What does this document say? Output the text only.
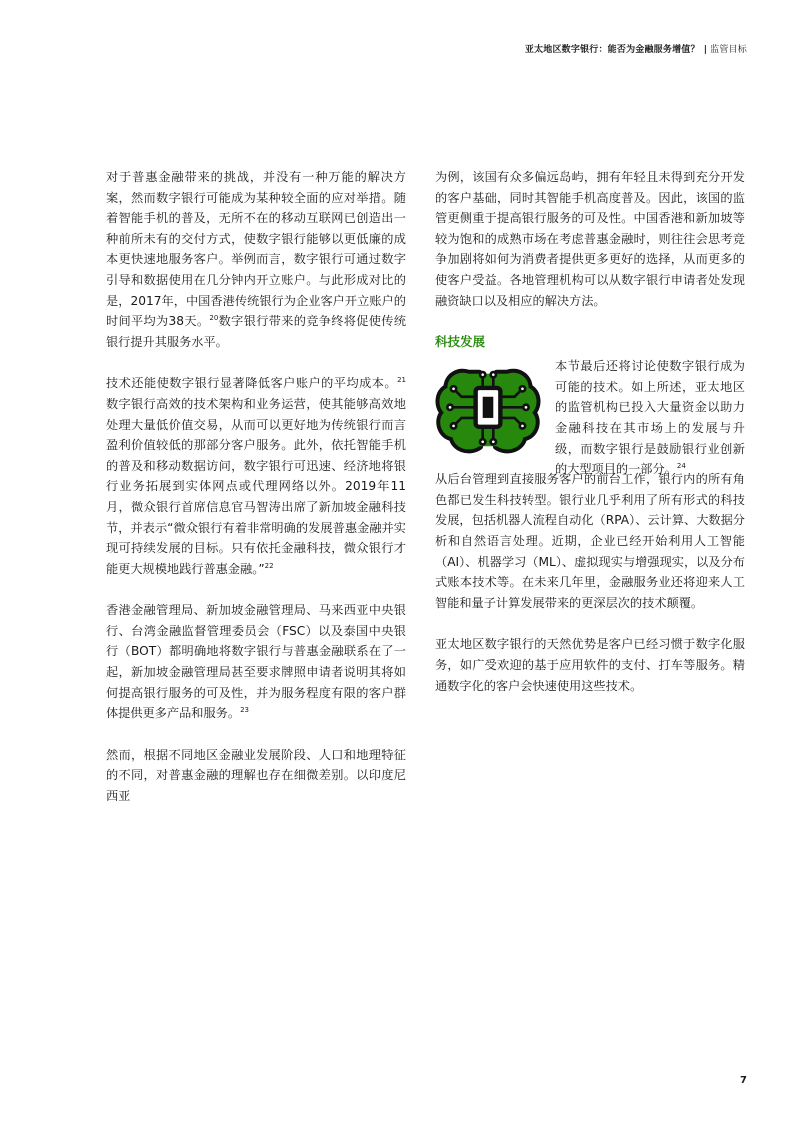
亚太地区数字银行：能否为金融服务增值？ | 监管目标

对于普惠金融带来的挑战，并没有一种万能的解决方案，然而数字银行可能成为某种较全面的应对举措。随着智能手机的普及，无所不在的移动互联网已创造出一种前所未有的交付方式，使数字银行能够以更低廉的成本更快速地服务客户。举例而言，数字银行可通过数字引导和数据使用在几分钟内开立账户。与此形成对比的是，2017年，中国香港传统银行为企业客户开立账户的时间平均为38天。$^{20}$数字银行带来的竞争终将促使传统银行提升其服务水平。

技术还能使数字银行显著降低客户账户的平均成本。$^{21}$数字银行高效的技术架构和业务运营，使其能够高效地处理大量低价值交易，从而可以更好地为传统银行而言盈利价值较低的那部分客户服务。此外，依托智能手机的普及和移动数据访问，数字银行可迅速、经济地将银行业务拓展到实体网点或代理网络以外。2019年11月，微众银行首席信息官马智涛出席了新加坡金融科技节，并表示“微众银行有着非常明确的发展普惠金融并实现可持续发展的目标。只有依托金融科技，微众银行才能更大规模地践行普惠金融。”$^{22}$

香港金融管理局、新加坡金融管理局、马来西亚中央银行、台湾金融监督管理委员会（FSC）以及泰国中央银行（BOT）都明确地将数字银行与普惠金融联系在了一起，新加坡金融管理局甚至要求牌照申请者说明其将如何提高银行服务的可及性，并为服务程度有限的客户群体提供更多产品和服务。$^{23}$

然而，根据不同地区金融业发展阶段、人口和地理特征的不同，对普惠金融的理解也存在细微差别。以印度尼西亚

为例，该国有众多偏远岛屿，拥有年轻且未得到充分开发的客户基础，同时其智能手机高度普及。因此，该国的监管更侧重于提高银行服务的可及性。中国香港和新加坡等较为饱和的成熟市场在考虑普惠金融时，则往往会思考竞争加剧将如何为消费者提供更多更好的选择，从而更多的使客户受益。各地管理机构可以从数字银行申请者处发现融资缺口以及相应的解决方法。

科技发展

本节最后还将讨论使数字银行成为可能的技术。如上所述，亚太地区的监管机构已投入大量资金以助力金融科技在其市场上的发展与升级，而数字银行是鼓励银行业创新的大型项目的一部分。$^{24}$

从后台管理到直接服务客户的前台工作，银行内的所有角色都已发生科技转型。银行业几乎利用了所有形式的科技发展，包括机器人流程自动化（RPA）、云计算、大数据分析和自然语言处理。近期，企业已经开始利用人工智能（AI）、机器学习（ML）、虚拟现实与增强现实，以及分布式账本技术等。在未来几年里，金融服务业还将迎来人工智能和量子计算发展带来的更深层次的技术颠覆。

亚太地区数字银行的天然优势是客户已经习惯于数字化服务，如广受欢迎的基于应用软件的支付、打车等服务。精通数字化的客户会快速使用这些技术。

7
